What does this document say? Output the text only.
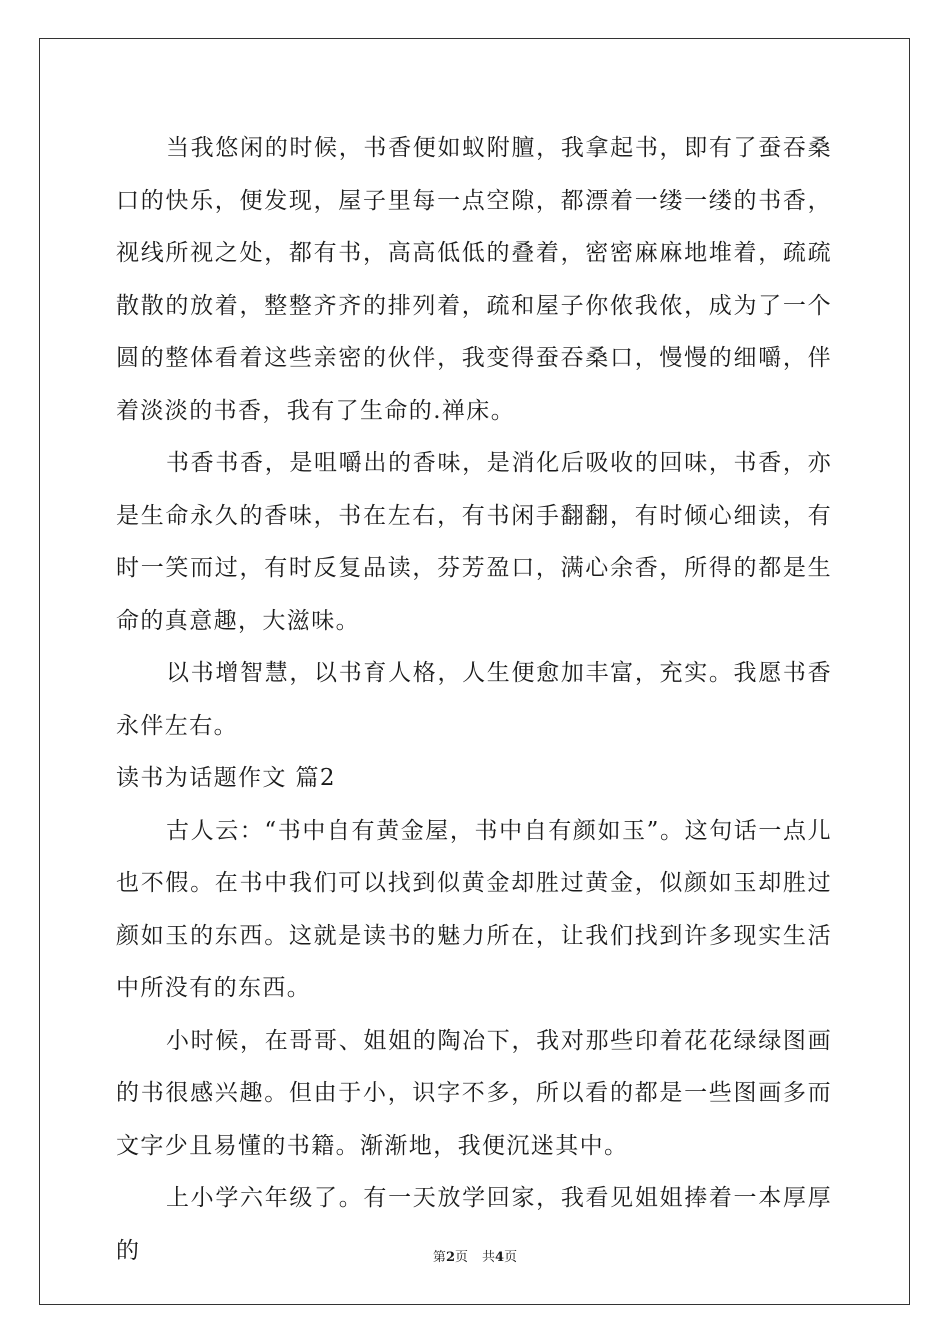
当我悠闲的时候，书香便如蚁附膻，我拿起书，即有了蚕吞桑口的快乐，便发现，屋子里每一点空隙，都漂着一缕一缕的书香，视线所视之处，都有书，高高低低的叠着，密密麻麻地堆着，疏疏散散的放着，整整齐齐的排列着，疏和屋子你侬我侬，成为了一个圆的整体看着这些亲密的伙伴，我变得蚕吞桑口，慢慢的细嚼，伴着淡淡的书香，我有了生命的.禅床。

书香书香，是咀嚼出的香味，是消化后吸收的回味，书香，亦是生命永久的香味，书在左右，有书闲手翻翻，有时倾心细读，有时一笑而过，有时反复品读，芬芳盈口，满心余香，所得的都是生命的真意趣，大滋味。

以书增智慧，以书育人格，人生便愈加丰富，充实。我愿书香永伴左右。

读书为话题作文 篇2

古人云：“书中自有黄金屋，书中自有颜如玉”。这句话一点儿也不假。在书中我们可以找到似黄金却胜过黄金，似颜如玉却胜过颜如玉的东西。这就是读书的魅力所在，让我们找到许多现实生活中所没有的东西。

小时候，在哥哥、姐姐的陶冶下，我对那些印着花花绿绿图画的书很感兴趣。但由于小，识字不多，所以看的都是一些图画多而文字少且易懂的书籍。渐渐地，我便沉迷其中。

上小学六年级了。有一天放学回家，我看见姐姐捧着一本厚厚的	第2页 共4页
